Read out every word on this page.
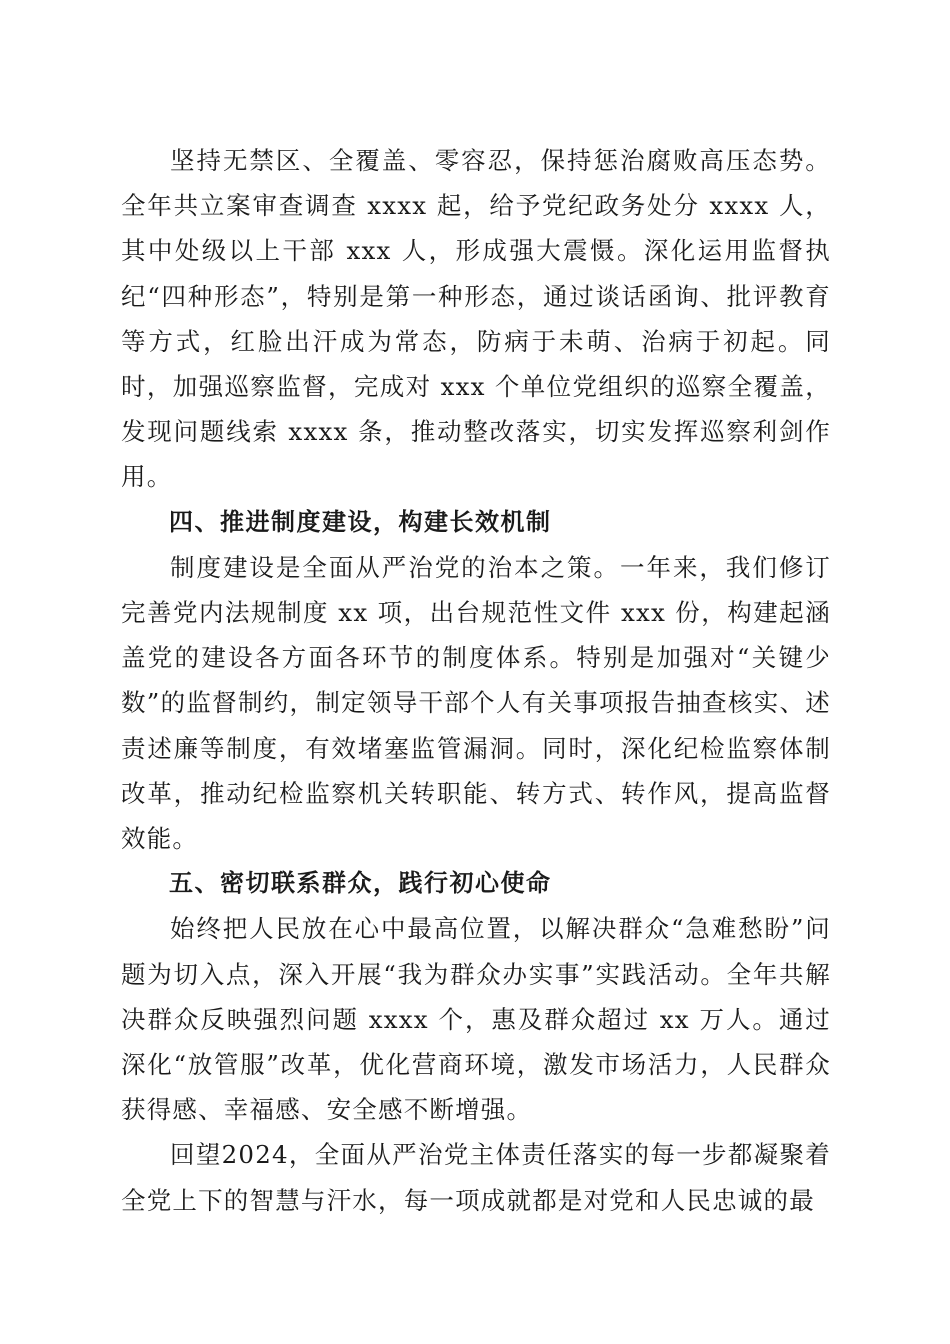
坚持无禁区、全覆盖、零容忍，保持惩治腐败高压态势。全年共立案审查调查 xxxx 起，给予党纪政务处分 xxxx 人，其中处级以上干部 xxx 人，形成强大震慑。深化运用监督执纪“四种形态”，特别是第一种形态，通过谈话函询、批评教育等方式，红脸出汗成为常态，防病于未萌、治病于初起。同时，加强巡察监督，完成对 xxx 个单位党组织的巡察全覆盖，发现问题线索 xxxx 条，推动整改落实，切实发挥巡察利剑作用。

四、推进制度建设，构建长效机制

制度建设是全面从严治党的治本之策。一年来，我们修订完善党内法规制度 xx 项，出台规范性文件 xxx 份，构建起涵盖党的建设各方面各环节的制度体系。特别是加强对“关键少数”的监督制约，制定领导干部个人有关事项报告抽查核实、述责述廉等制度，有效堵塞监管漏洞。同时，深化纪检监察体制改革，推动纪检监察机关转职能、转方式、转作风，提高监督效能。

五、密切联系群众，践行初心使命

始终把人民放在心中最高位置，以解决群众“急难愁盼”问题为切入点，深入开展“我为群众办实事”实践活动。全年共解决群众反映强烈问题 xxxx 个，惠及群众超过 xx 万人。通过深化“放管服”改革，优化营商环境，激发市场活力，人民群众获得感、幸福感、安全感不断增强。

回望2024，全面从严治党主体责任落实的每一步都凝聚着全党上下的智慧与汗水，每一项成就都是对党和人民忠诚的最
